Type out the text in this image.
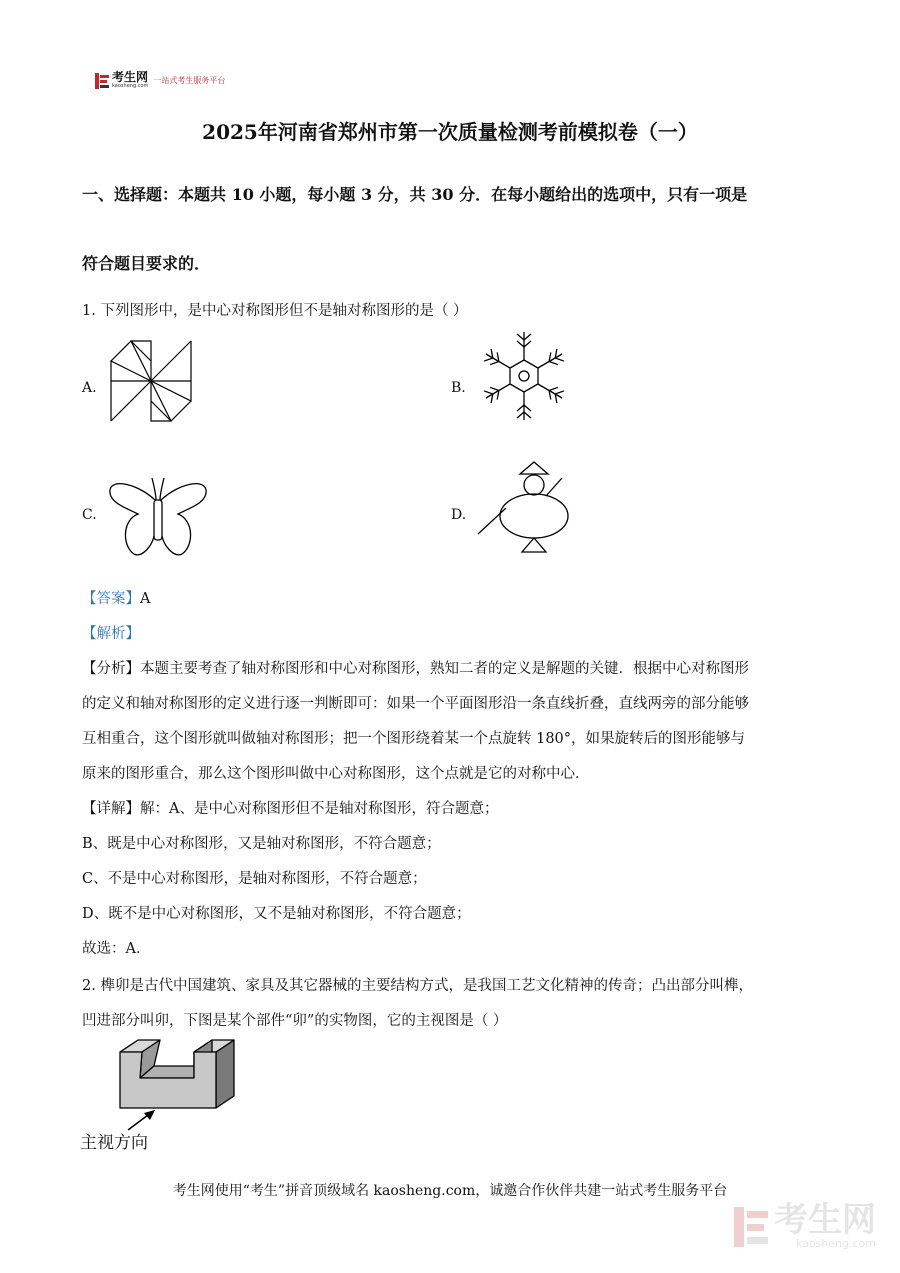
考生网
kaosheng.com
一站式考生服务平台
2025年河南省郑州市第一次质量检测考前模拟卷（一）
一、选择题：本题共 10 小题，每小题 3 分，共 30 分．在每小题给出的选项中，只有一项是
符合题目要求的．
1. 下列图形中，是中心对称图形但不是轴对称图形的是（ ）
A.	B.
C.	D.
【答案】A
【解析】
【分析】本题主要考查了轴对称图形和中心对称图形，熟知二者的定义是解题的关键．根据中心对称图形
的定义和轴对称图形的定义进行逐一判断即可：如果一个平面图形沿一条直线折叠，直线两旁的部分能够
互相重合，这个图形就叫做轴对称图形；把一个图形绕着某一个点旋转 180°，如果旋转后的图形能够与
原来的图形重合，那么这个图形叫做中心对称图形，这个点就是它的对称中心．
【详解】解：A、是中心对称图形但不是轴对称图形，符合题意；
B、既是中心对称图形，又是轴对称图形，不符合题意；
C、不是中心对称图形，是轴对称图形，不符合题意；
D、既不是中心对称图形，又不是轴对称图形，不符合题意；
故选：A．
2. 榫卯是古代中国建筑、家具及其它器械的主要结构方式，是我国工艺文化精神的传奇；凸出部分叫榫，
凹进部分叫卯，下图是某个部件“卯”的实物图，它的主视图是（ ）
主视方向
考生网使用“考生”拼音顶级域名 kaosheng.com，诚邀合作伙伴共建一站式考生服务平台
考生网
kaosheng.com
